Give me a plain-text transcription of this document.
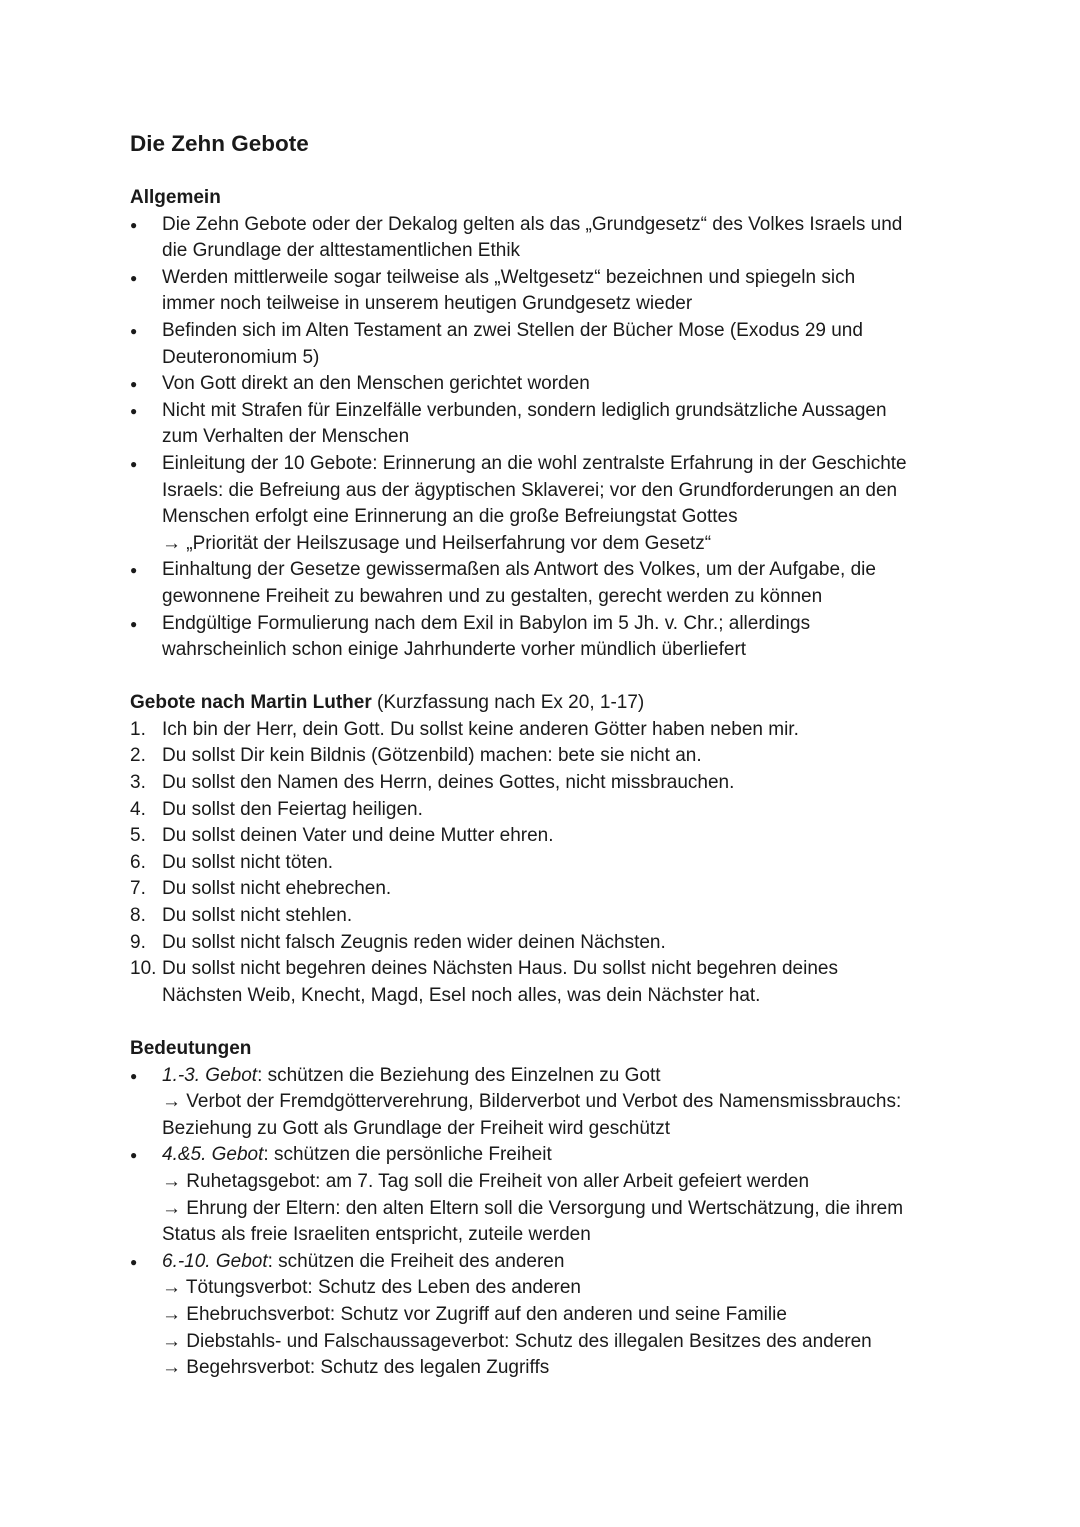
Die Zehn Gebote
Allgemein
● Die Zehn Gebote oder der Dekalog gelten als das „Grundgesetz“ des Volkes Israels und
die Grundlage der alttestamentlichen Ethik
● Werden mittlerweile sogar teilweise als „Weltgesetz“ bezeichnen und spiegeln sich
immer noch teilweise in unserem heutigen Grundgesetz wieder
● Befinden sich im Alten Testament an zwei Stellen der Bücher Mose (Exodus 29 und
Deuteronomium 5)
● Von Gott direkt an den Menschen gerichtet worden
● Nicht mit Strafen für Einzelfälle verbunden, sondern lediglich grundsätzliche Aussagen
zum Verhalten der Menschen
● Einleitung der 10 Gebote: Erinnerung an die wohl zentralste Erfahrung in der Geschichte
Israels: die Befreiung aus der ägyptischen Sklaverei; vor den Grundforderungen an den
Menschen erfolgt eine Erinnerung an die große Befreiungstat Gottes
→ „Priorität der Heilszusage und Heilserfahrung vor dem Gesetz“
● Einhaltung der Gesetze gewissermaßen als Antwort des Volkes, um der Aufgabe, die
gewonnene Freiheit zu bewahren und zu gestalten, gerecht werden zu können
● Endgültige Formulierung nach dem Exil in Babylon im 5 Jh. v. Chr.; allerdings
wahrscheinlich schon einige Jahrhunderte vorher mündlich überliefert
Gebote nach Martin Luther (Kurzfassung nach Ex 20, 1-17)
1. Ich bin der Herr, dein Gott. Du sollst keine anderen Götter haben neben mir.
2. Du sollst Dir kein Bildnis (Götzenbild) machen: bete sie nicht an.
3. Du sollst den Namen des Herrn, deines Gottes, nicht missbrauchen.
4. Du sollst den Feiertag heiligen.
5. Du sollst deinen Vater und deine Mutter ehren.
6. Du sollst nicht töten.
7. Du sollst nicht ehebrechen.
8. Du sollst nicht stehlen.
9. Du sollst nicht falsch Zeugnis reden wider deinen Nächsten.
10. Du sollst nicht begehren deines Nächsten Haus. Du sollst nicht begehren deines
Nächsten Weib, Knecht, Magd, Esel noch alles, was dein Nächster hat.
Bedeutungen
● 1.-3. Gebot: schützen die Beziehung des Einzelnen zu Gott
→ Verbot der Fremdgötterverehrung, Bilderverbot und Verbot des Namensmissbrauchs:
Beziehung zu Gott als Grundlage der Freiheit wird geschützt
● 4.&5. Gebot: schützen die persönliche Freiheit
→ Ruhetagsgebot: am 7. Tag soll die Freiheit von aller Arbeit gefeiert werden
→ Ehrung der Eltern: den alten Eltern soll die Versorgung und Wertschätzung, die ihrem
Status als freie Israeliten entspricht, zuteile werden
● 6.-10. Gebot: schützen die Freiheit des anderen
→ Tötungsverbot: Schutz des Leben des anderen
→ Ehebruchsverbot: Schutz vor Zugriff auf den anderen und seine Familie
→ Diebstahls- und Falschaussageverbot: Schutz des illegalen Besitzes des anderen
→ Begehrsverbot: Schutz des legalen Zugriffs
